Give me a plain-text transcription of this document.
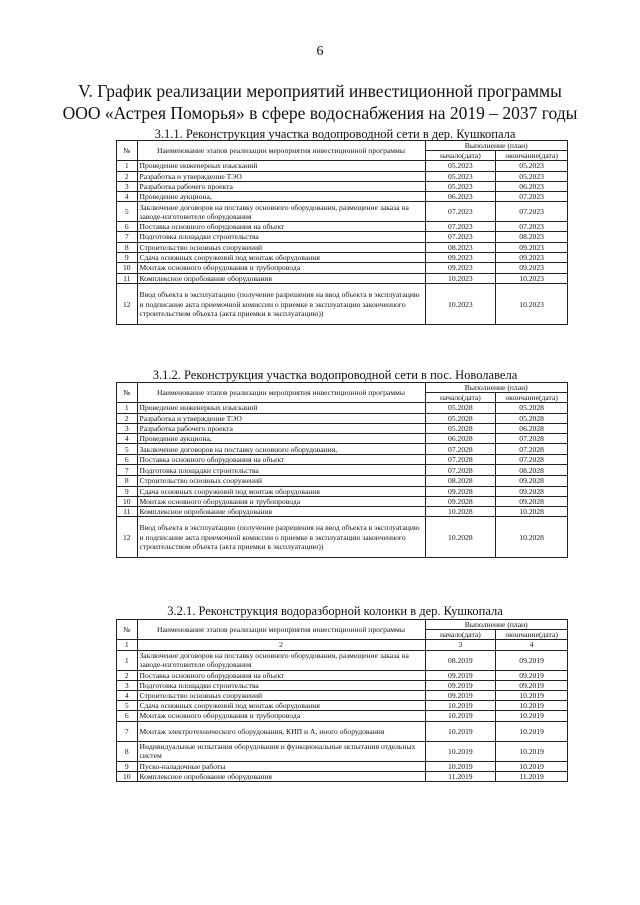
6
V. График реализации мероприятий инвестиционной программы
ООО «Астрея Поморья» в сфере водоснабжения на 2019 – 2037 годы
3.1.1. Реконструкция участка водопроводной сети в дер. Кушкопала
№	Наименование этапов реализации мероприятия инвестиционной программы	Выполнение (план)	
		начало(дата)	окончание(дата)
1	Проведение инженерных изысканий	05.2023	05.2023
2	Разработка и утверждение ТЭО	05.2023	05.2023
3	Разработка рабочего проекта	05.2023	06.2023
4	Проведение аукциона,	06.2023	07.2023
5	Заключение договоров на поставку основного оборудования, размещение заказа на заводе-изготовителе оборудования	07.2023	07.2023
6	Поставка основного оборудования на объект	07.2023	07.2023
7	Подготовка площадки строительства	07.2023	08.2023
8	Строительство основных сооружений	08.2023	09.2023
9	Сдача основных сооружений под монтаж оборудования	09.2023	09.2023
10	Монтаж основного оборудования и трубопровода	09.2023	09.2023
11	Комплексное опробование оборудования	10.2023	10.2023
12	Ввод объекта в эксплуатацию (получение разрешения на ввод объекта в эксплуатацию и подписание акта приемочной комиссии о приемке в эксплуатацию законченного строительством объекта (акта приемки в эксплуатацию))	10.2023	10.2023
3.1.2. Реконструкция участка водопроводной сети в пос. Новолавела
№	Наименование этапов реализации мероприятия инвестиционной программы	Выполнение (план)	
		начало(дата)	окончание(дата)
1	Проведение инженерных изысканий	05.2028	05.2028
2	Разработка и утверждение ТЭО	05.2028	05.2028
3	Разработка рабочего проекта	05.2028	06.2028
4	Проведение аукциона,	06.2028	07.2028
5	Заключение договоров на поставку основного оборудования,	07.2028	07.2028
6	Поставка основного оборудования на объект	07.2028	07.2028
7	Подготовка площадки строительства	07.2028	08.2028
8	Строительство основных сооружений	08.2028	09.2028
9	Сдача основных сооружений под монтаж оборудования	09.2028	09.2028
10	Монтаж основного оборудования и трубопровода	09.2028	09.2028
11	Комплексное опробование оборудования	10.2028	10.2028
12	Ввод объекта в эксплуатацию (получение разрешения на ввод объекта в эксплуатацию и подписание акта приемочной комиссии о приемке в эксплуатацию законченного строительством объекта (акта приемки в эксплуатацию))	10.2028	10.2028
3.2.1. Реконструкция водоразборной колонки в дер. Кушкопала
№	Наименование этапов реализации мероприятия инвестиционной программы	Выполнение (план)	
		начало(дата)	окончание(дата)
1	2	3	4
1	Заключение договоров на поставку основного оборудования, размещение заказа на заводе-изготовителе оборудования	08.2019	09.2019
2	Поставка основного оборудования на объект	09.2019	09.2019
3	Подготовка площадки строительства	09.2019	09.2019
4	Строительство основных сооружений	09.2019	10.2019
5	Сдача основных сооружений под монтаж оборудования	10.2019	10.2019
6	Монтаж основного оборудования и трубопровода	10.2019	10.2019
7	Монтаж электротехнического оборудования, КИП и А, иного оборудования	10.2019	10.2019
8	Индивидуальные испытания оборудования и функциональные испытания отдельных систем	10.2019	10.2019
9	Пуско-наладочные работы	10.2019	10.2019
10	Комплексное опробование оборудования	11.2019	11.2019
